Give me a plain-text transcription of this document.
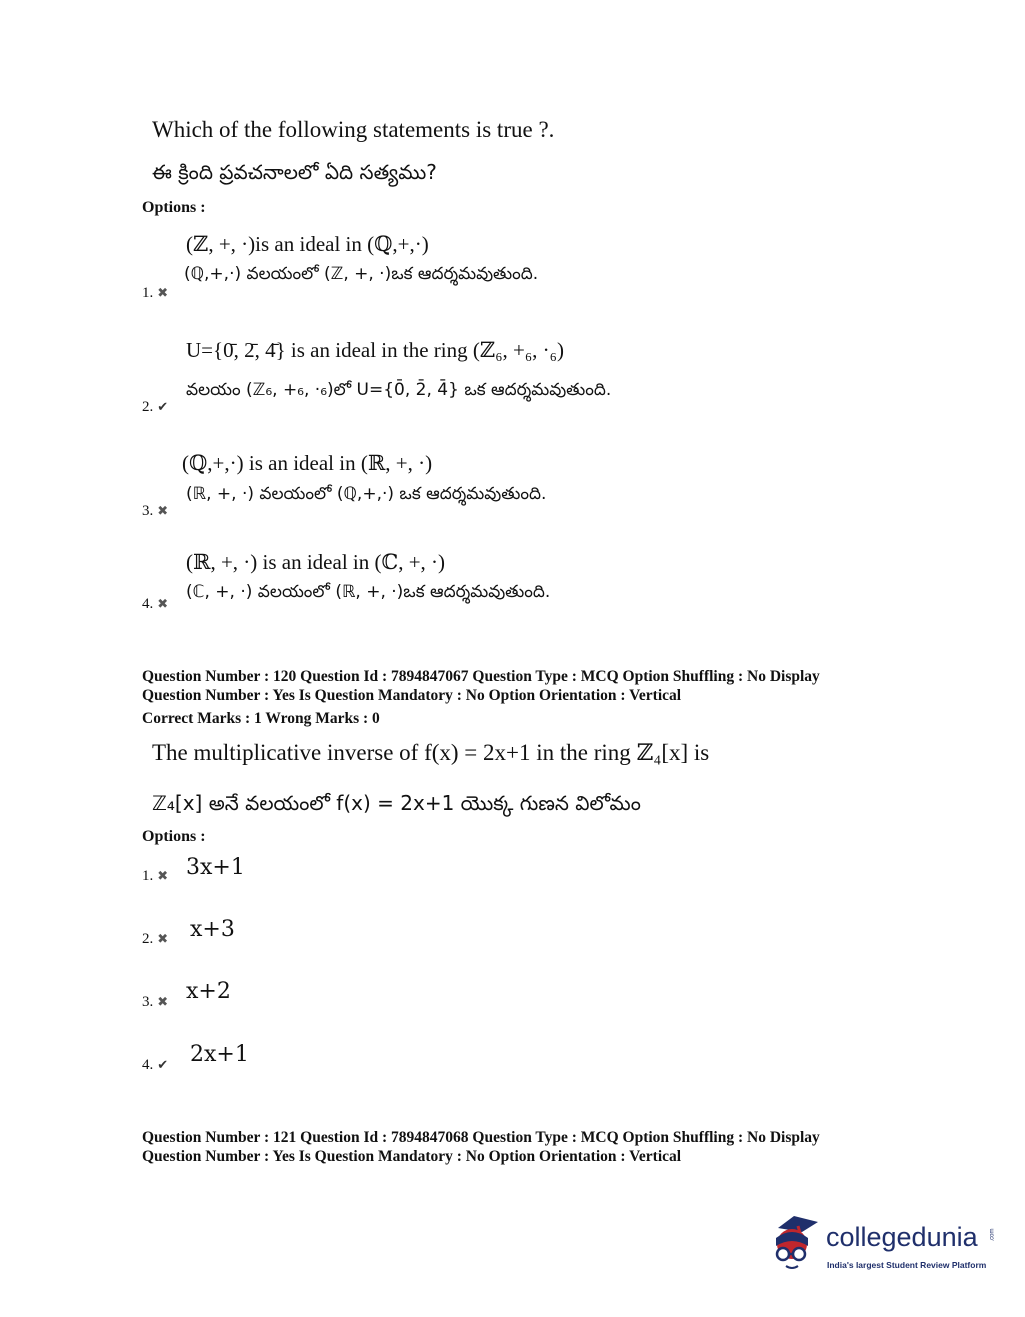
Which of the following statements is true ?.
ఈ క్రింది ప్రవచనాలలో ఏది సత్యము?
Options :
(ℤ, +, ·)is an ideal in (ℚ,+,·)
(ℚ,+,·) వలయంలో (ℤ, +, ·)ఒక ఆదర్శమవుతుంది.
1. ✖
U={0̄, 2̄, 4̄} is an ideal in the ring (ℤ₆, +₆, ·₆)
వలయం (ℤ₆, +₆, ·₆)లో U={0̄, 2̄, 4̄} ఒక ఆదర్శమవుతుంది.
2. ✔
(ℚ,+,·) is an ideal in (ℝ, +, ·)
(ℝ, +, ·) వలయంలో (ℚ,+,·) ఒక ఆదర్శమవుతుంది.
3. ✖
(ℝ, +, ·) is an ideal in (ℂ, +, ·)
(ℂ, +, ·) వలయంలో (ℝ, +, ·)ఒక ఆదర్శమవుతుంది.
4. ✖
Question Number : 120 Question Id : 7894847067 Question Type : MCQ Option Shuffling : No Display
Question Number : Yes Is Question Mandatory : No Option Orientation : Vertical
Correct Marks : 1 Wrong Marks : 0
The multiplicative inverse of f(x) = 2x+1 in the ring ℤ₄[x] is
ℤ₄[x] అనే వలయంలో f(x) = 2x+1 యొక్క గుణన విలోమం
Options :
1. ✖ 3x+1
2. ✖ x+3
3. ✖ x+2
4. ✔ 2x+1
Question Number : 121 Question Id : 7894847068 Question Type : MCQ Option Shuffling : No Display
Question Number : Yes Is Question Mandatory : No Option Orientation : Vertical
collegedunia .com
India's largest Student Review Platform
